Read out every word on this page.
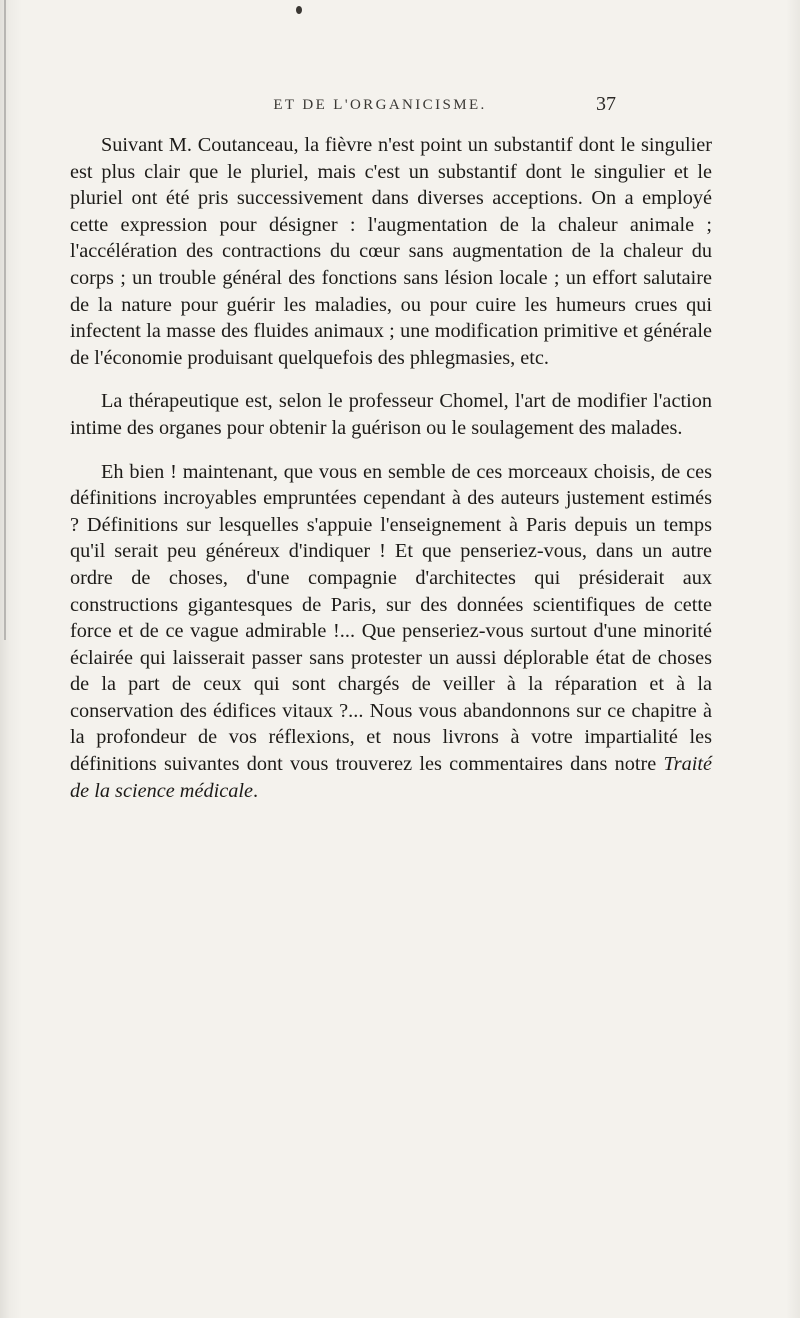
ET DE L'ORGANICISME.	37

Suivant M. Coutanceau, la fièvre n'est point un substantif dont le singulier est plus clair que le pluriel, mais c'est un substantif dont le singulier et le pluriel ont été pris successivement dans diverses acceptions. On a employé cette expression pour désigner : l'augmentation de la chaleur animale ; l'accélération des contractions du cœur sans augmentation de la chaleur du corps ; un trouble général des fonctions sans lésion locale ; un effort salutaire de la nature pour guérir les maladies, ou pour cuire les humeurs crues qui infectent la masse des fluides animaux ; une modification primitive et générale de l'économie produisant quelquefois des phlegmasies, etc.

La thérapeutique est, selon le professeur Chomel, l'art de modifier l'action intime des organes pour obtenir la guérison ou le soulagement des malades.

Eh bien ! maintenant, que vous en semble de ces morceaux choisis, de ces définitions incroyables empruntées cependant à des auteurs justement estimés ? Définitions sur lesquelles s'appuie l'enseignement à Paris depuis un temps qu'il serait peu généreux d'indiquer ! Et que penseriez-vous, dans un autre ordre de choses, d'une compagnie d'architectes qui présiderait aux constructions gigantesques de Paris, sur des données scientifiques de cette force et de ce vague admirable !... Que penseriez-vous surtout d'une minorité éclairée qui laisserait passer sans protester un aussi déplorable état de choses de la part de ceux qui sont chargés de veiller à la réparation et à la conservation des édifices vitaux ?... Nous vous abandonnons sur ce chapitre à la profondeur de vos réflexions, et nous livrons à votre impartialité les définitions suivantes dont vous trouverez les commentaires dans notre Traité de la science médicale.
